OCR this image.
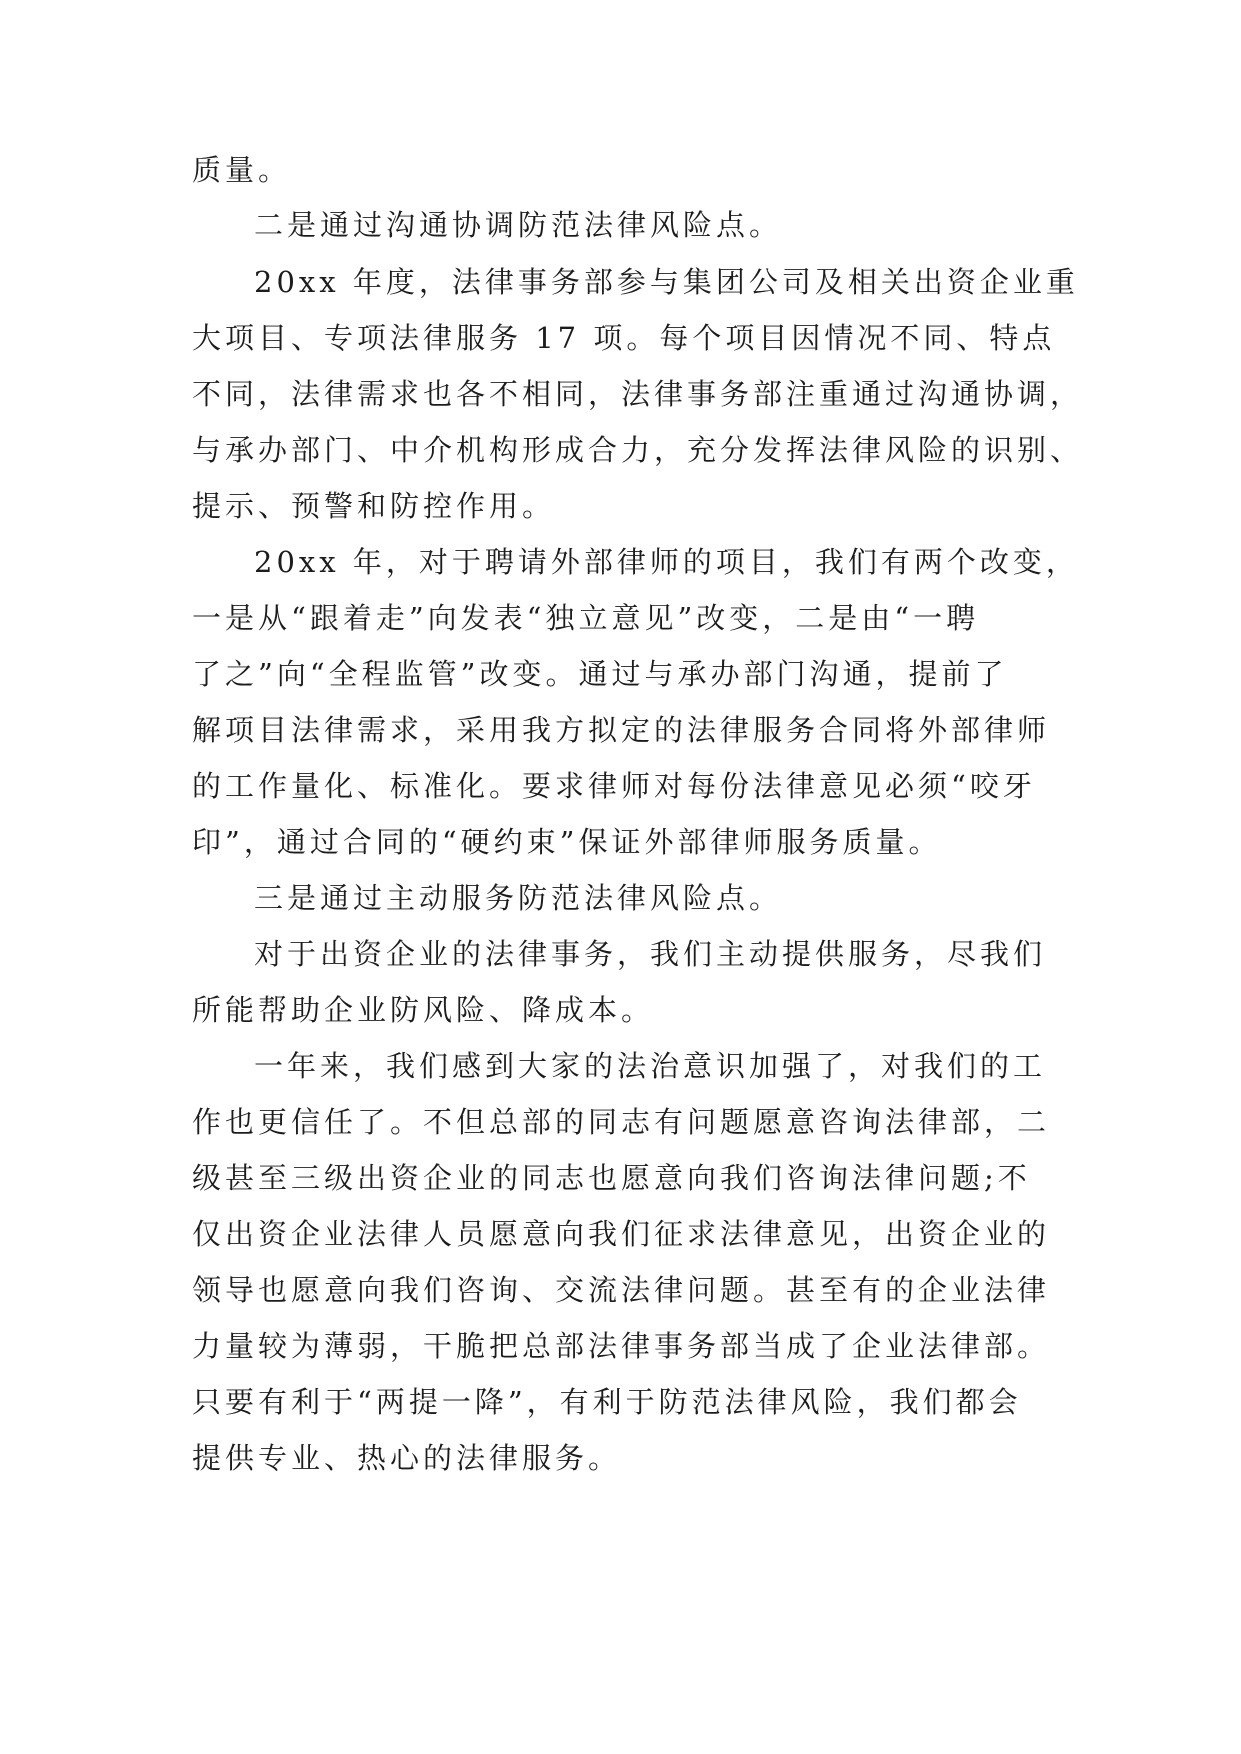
质量。
二是通过沟通协调防范法律风险点。
20xx 年度，法律事务部参与集团公司及相关出资企业重
大项目、专项法律服务 17 项。每个项目因情况不同、特点
不同，法律需求也各不相同，法律事务部注重通过沟通协调，
与承办部门、中介机构形成合力，充分发挥法律风险的识别、
提示、预警和防控作用。
20xx 年，对于聘请外部律师的项目，我们有两个改变，
一是从“跟着走”向发表“独立意见”改变，二是由“一聘
了之”向“全程监管”改变。通过与承办部门沟通，提前了
解项目法律需求，采用我方拟定的法律服务合同将外部律师
的工作量化、标准化。要求律师对每份法律意见必须“咬牙
印”，通过合同的“硬约束”保证外部律师服务质量。
三是通过主动服务防范法律风险点。
对于出资企业的法律事务，我们主动提供服务，尽我们
所能帮助企业防风险、降成本。
一年来，我们感到大家的法治意识加强了，对我们的工
作也更信任了。不但总部的同志有问题愿意咨询法律部，二
级甚至三级出资企业的同志也愿意向我们咨询法律问题;不
仅出资企业法律人员愿意向我们征求法律意见，出资企业的
领导也愿意向我们咨询、交流法律问题。甚至有的企业法律
力量较为薄弱，干脆把总部法律事务部当成了企业法律部。
只要有利于“两提一降”，有利于防范法律风险，我们都会
提供专业、热心的法律服务。
